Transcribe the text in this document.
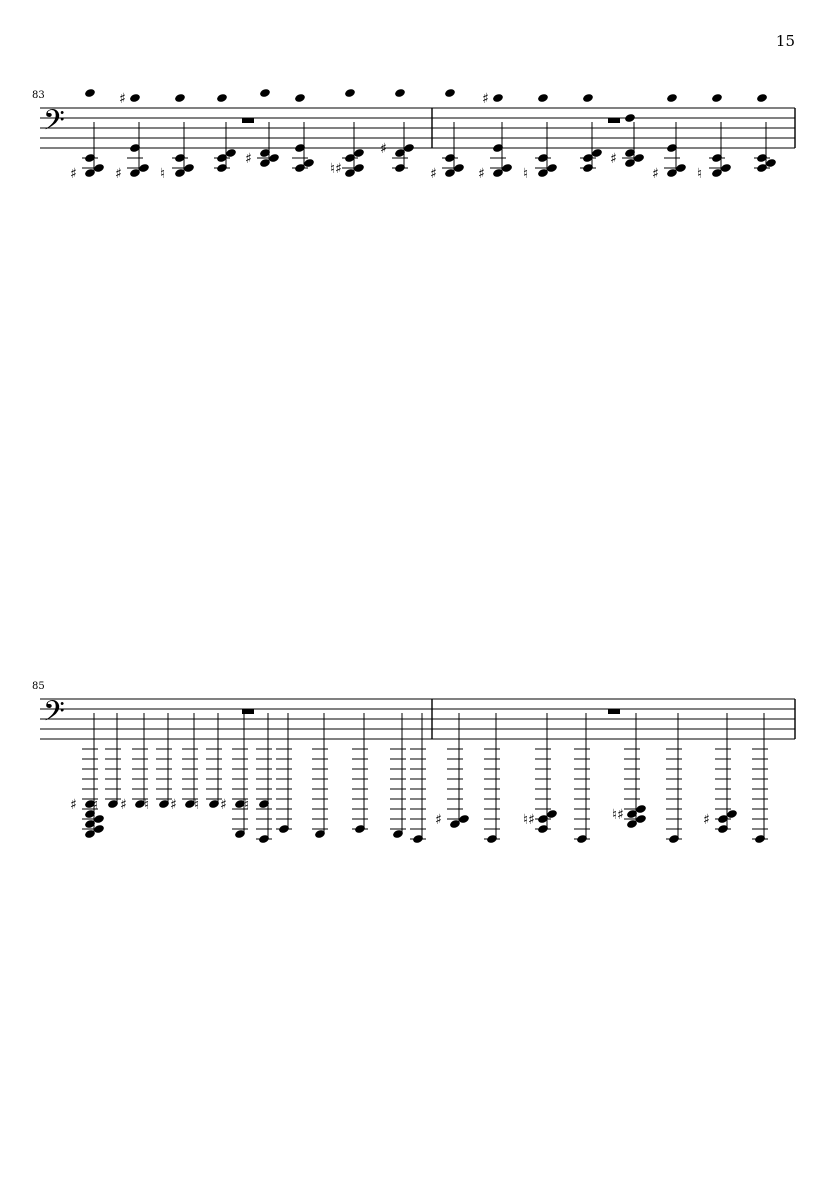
15
83
85
𝄢
♯	♯
♯
♮
♯
♮♯
♯
♯	♯
♯
♮
♯
♯	♮
𝄢
♯ ♮ ♯ ♮ ♯ ♮ ♯ ♮
♯	♮♯	♮♯	♯
